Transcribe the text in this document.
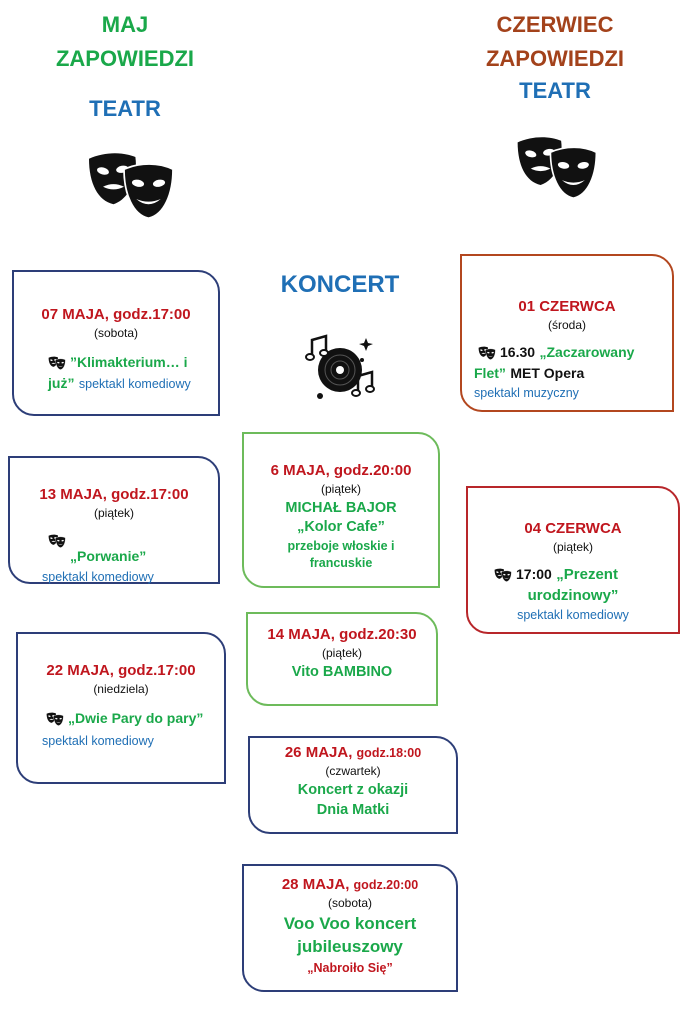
MAJ
ZAPOWIEDZI
TEATR
CZERWIEC
ZAPOWIEDZI
TEATR
KONCERT
07 MAJA, godz.17:00
(sobota)
”Klimakterium… i
już” spektakl komediowy
13 MAJA, godz.17:00
(piątek)
„Porwanie”
spektakl komediowy
22 MAJA, godz.17:00
(niedziela)
„Dwie Pary do pary”
spektakl komediowy
6 MAJA, godz.20:00
(piątek)
MICHAŁ BAJOR
„Kolor Cafe”
przeboje włoskie i
francuskie
14 MAJA, godz.20:30
(piątek)
Vito BAMBINO
26 MAJA, godz.18:00
(czwartek)
Koncert z okazji
Dnia Matki
28 MAJA, godz.20:00
(sobota)
Voo Voo koncert
jubileuszowy
„Nabroiło Się”
01 CZERWCA
(środa)
16.30 „Zaczarowany
Flet” MET Opera
spektakl muzyczny
04 CZERWCA
(piątek)
17:00 „Prezent
urodzinowy”
spektakl komediowy
